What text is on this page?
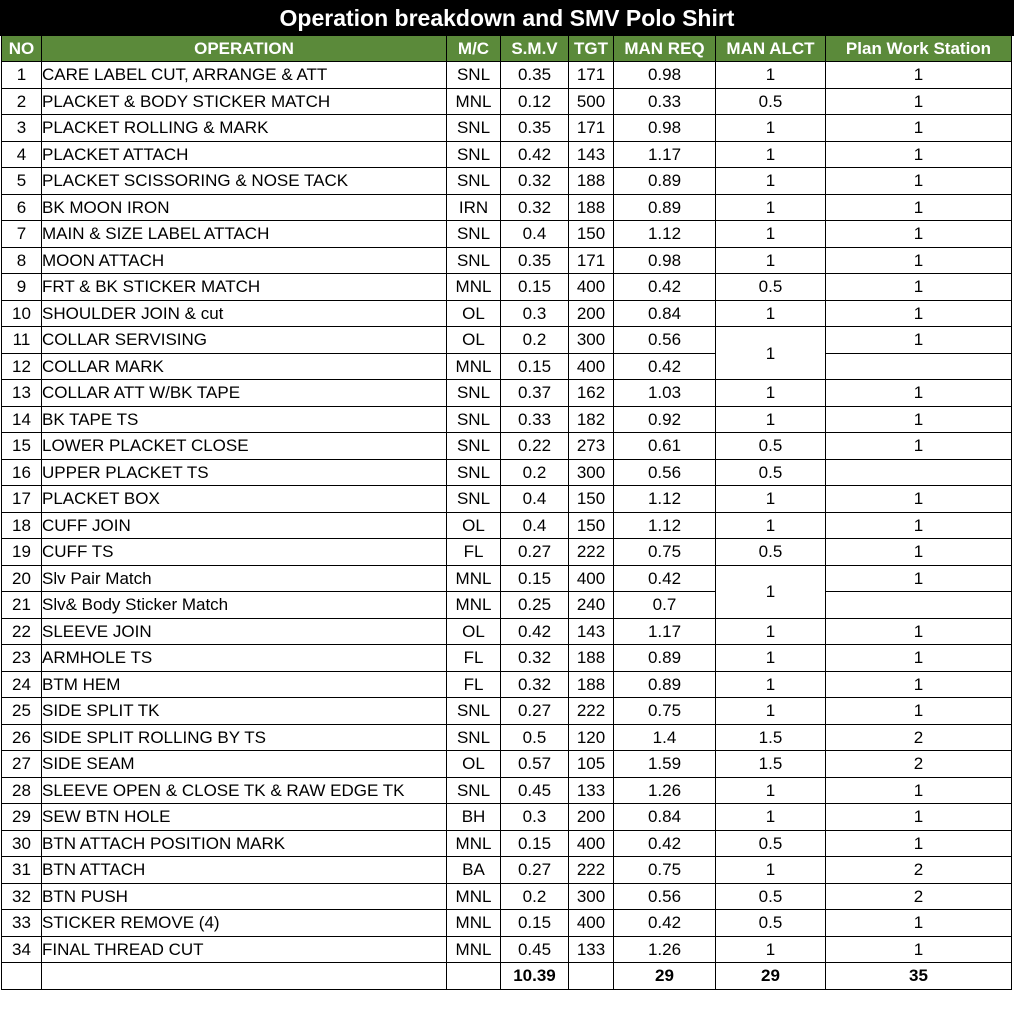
Operation breakdown and SMV Polo Shirt
NO	OPERATION	M/C	S.M.V	TGT	MAN REQ	MAN ALCT	Plan Work Station
1	CARE LABEL CUT, ARRANGE & ATT	SNL	0.35	171	0.98	1	1
2	PLACKET & BODY STICKER MATCH	MNL	0.12	500	0.33	0.5	1
3	PLACKET ROLLING & MARK	SNL	0.35	171	0.98	1	1
4	PLACKET ATTACH	SNL	0.42	143	1.17	1	1
5	PLACKET SCISSORING & NOSE TACK	SNL	0.32	188	0.89	1	1
6	BK MOON IRON	IRN	0.32	188	0.89	1	1
7	MAIN & SIZE LABEL ATTACH	SNL	0.4	150	1.12	1	1
8	MOON ATTACH	SNL	0.35	171	0.98	1	1
9	FRT & BK STICKER MATCH	MNL	0.15	400	0.42	0.5	1
10	SHOULDER JOIN & cut	OL	0.3	200	0.84	1	1
11	COLLAR SERVISING	OL	0.2	300	0.56	1	1
12	COLLAR MARK	MNL	0.15	400	0.42		
13	COLLAR ATT W/BK TAPE	SNL	0.37	162	1.03	1	1
14	BK TAPE TS	SNL	0.33	182	0.92	1	1
15	LOWER PLACKET CLOSE	SNL	0.22	273	0.61	0.5	1
16	UPPER PLACKET TS	SNL	0.2	300	0.56	0.5	
17	PLACKET BOX	SNL	0.4	150	1.12	1	1
18	CUFF JOIN	OL	0.4	150	1.12	1	1
19	CUFF TS	FL	0.27	222	0.75	0.5	1
20	Slv Pair Match	MNL	0.15	400	0.42	1	1
21	Slv& Body Sticker Match	MNL	0.25	240	0.7		
22	SLEEVE JOIN	OL	0.42	143	1.17	1	1
23	ARMHOLE TS	FL	0.32	188	0.89	1	1
24	BTM HEM	FL	0.32	188	0.89	1	1
25	SIDE SPLIT TK	SNL	0.27	222	0.75	1	1
26	SIDE SPLIT ROLLING BY TS	SNL	0.5	120	1.4	1.5	2
27	SIDE SEAM	OL	0.57	105	1.59	1.5	2
28	SLEEVE OPEN & CLOSE TK & RAW EDGE TK	SNL	0.45	133	1.26	1	1
29	SEW BTN HOLE	BH	0.3	200	0.84	1	1
30	BTN ATTACH POSITION MARK	MNL	0.15	400	0.42	0.5	1
31	BTN ATTACH	BA	0.27	222	0.75	1	2
32	BTN PUSH	MNL	0.2	300	0.56	0.5	2
33	STICKER REMOVE (4)	MNL	0.15	400	0.42	0.5	1
34	FINAL THREAD CUT	MNL	0.45	133	1.26	1	1
			10.39		29	29	35
